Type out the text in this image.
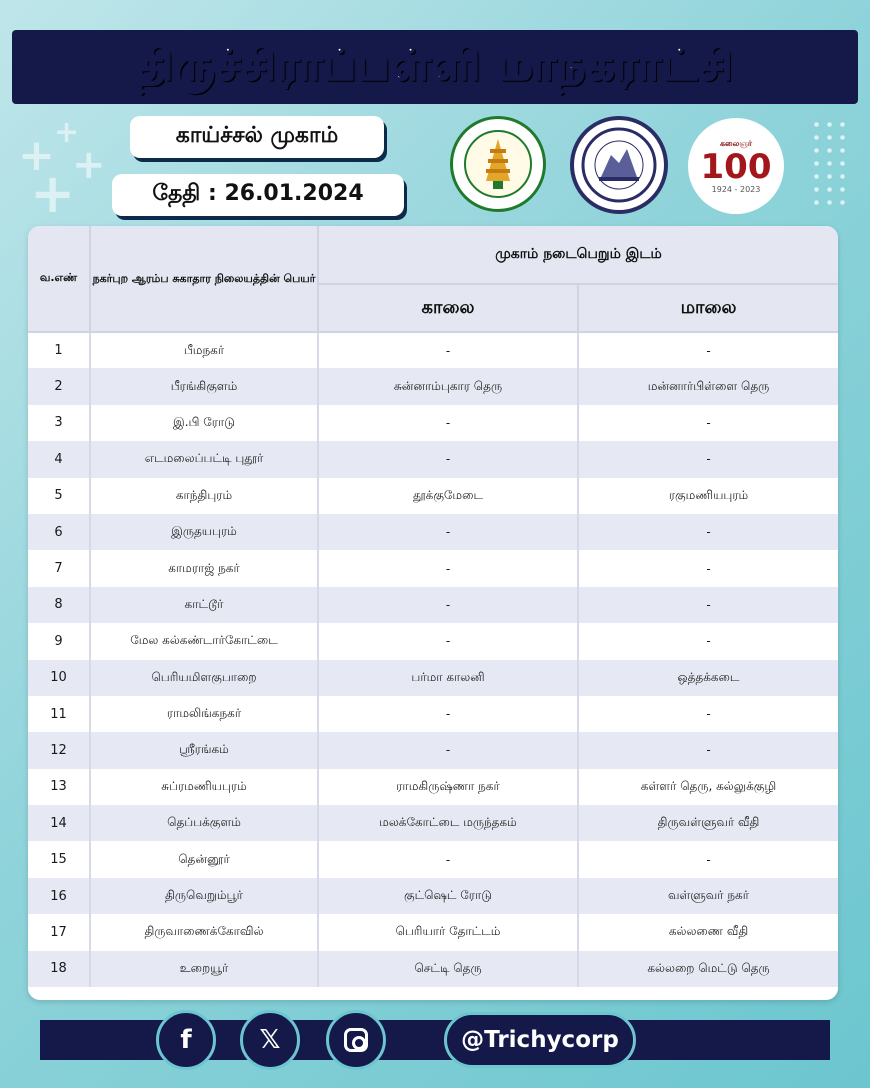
+ +
+
+
திருச்சிராப்பள்ளி மாநகராட்சி
காய்ச்சல் முகாம்
தேதி : 26.01.2024
கலைஞர்
100
1924 - 2023
வ.எண்	நகர்புற ஆரம்ப சுகாதார நிலையத்தின் பெயர்	முகாம் நடைபெறும் இடம்	
		காலை	மாலை
1	பீமநகர்	-	-
2	பீரங்கிகுளம்	சுன்னாம்புகார தெரு	மன்னார்பிள்ளை தெரு
3	இ.பி ரோடு	-	-
4	எடமலைப்பட்டி புதூர்	-	-
5	காந்திபுரம்	தூக்குமேடை	ரகுமணியபுரம்
6	இருதயபுரம்	-	-
7	காமராஜ் நகர்	-	-
8	காட்டூர்	-	-
9	மேல கல்கண்டார்கோட்டை	-	-
10	பெரியமிளகுபாறை	பர்மா காலனி	ஒத்தக்கடை
11	ராமலிங்கநகர்	-	-
12	ஸ்ரீரங்கம்	-	-
13	சுப்ரமணியபுரம்	ராமகிருஷ்ணா நகர்	கள்ளர் தெரு, கல்லுக்குழி
14	தெப்பக்குளம்	மலக்கோட்டை மருந்தகம்	திருவள்ளுவர் வீதி
15	தென்னூர்	-	-
16	திருவெறும்பூர்	குட்ஷெட் ரோடு	வள்ளுவர் நகர்
17	திருவாணைக்கோவில்	பெரியார் தோட்டம்	கல்லணை வீதி
18	உறையூர்	செட்டி தெரு	கல்லறை மெட்டு தெரு
f	𝕏	@Trichycorp
